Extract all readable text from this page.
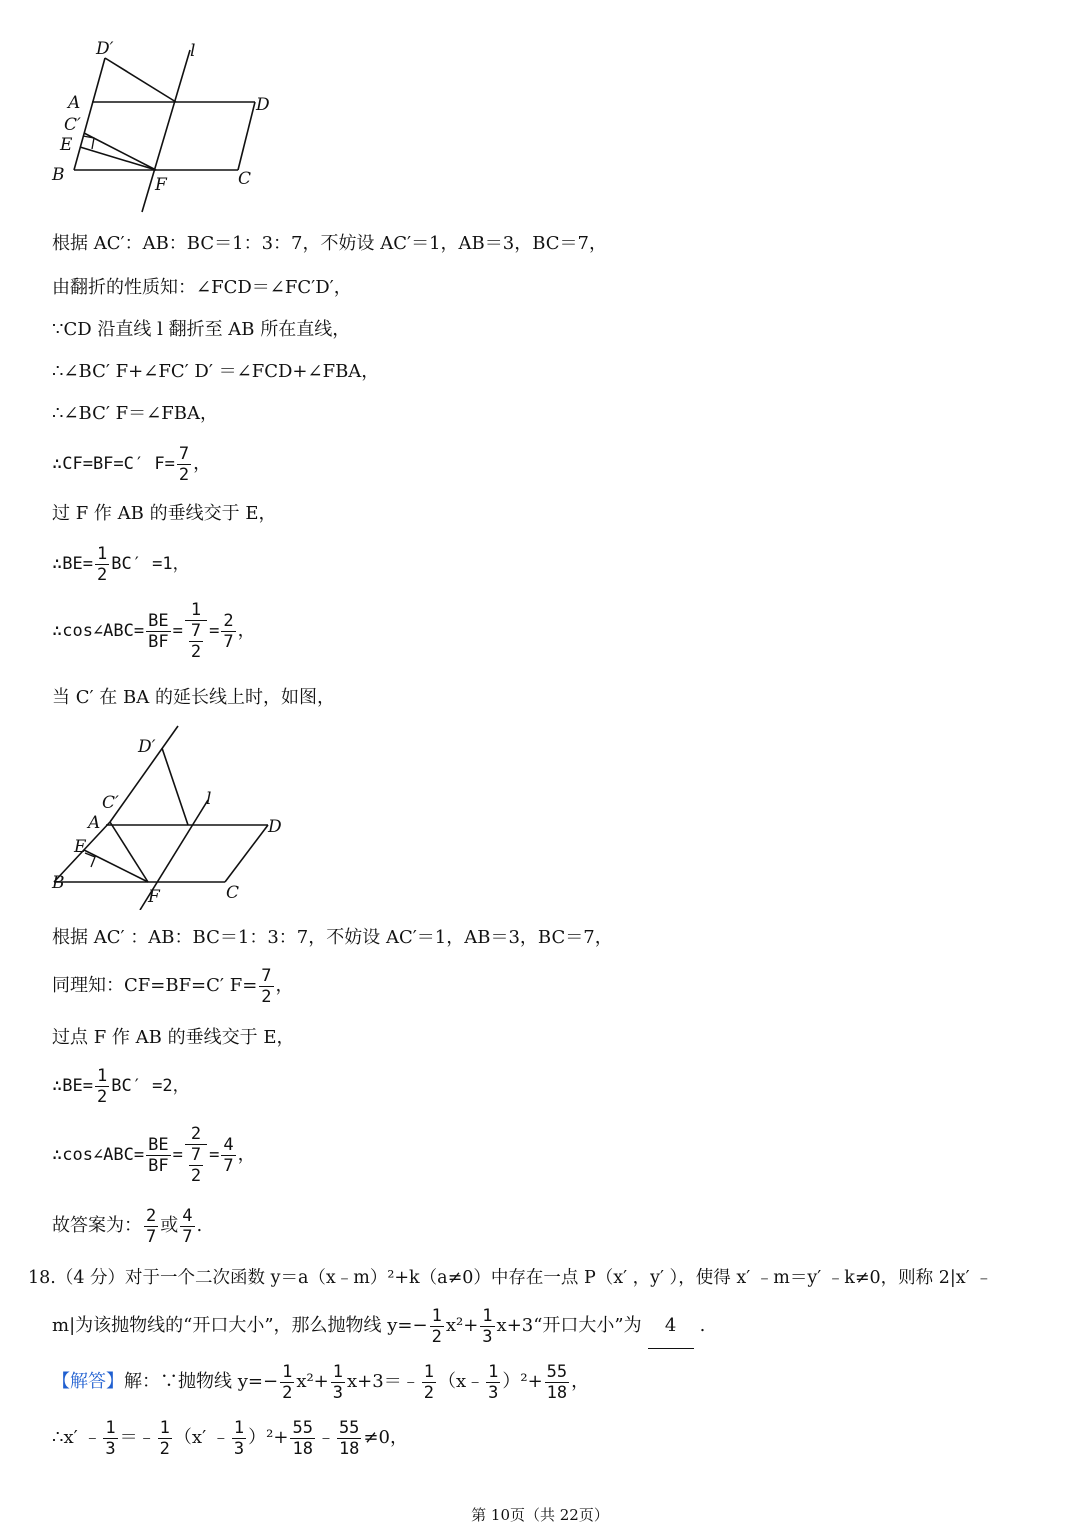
D′	l
A	D
C′
E
B	F	C
根据 AC′：AB：BC＝1：3：7，不妨设 AC′＝1，AB＝3，BC＝7，
由翻折的性质知：∠FCD＝∠FC′D′，
∵CD 沿直线 l 翻折至 AB 所在直线，
∴∠BC′ F+∠FC′ D′ ＝∠FCD+∠FBA，
∴∠BC′ F＝∠FBA，
∴CF=BF=C′ $F= \frac{7}{2}$ ，
过 F 作 AB 的垂线交于 E，
∴BE= $\frac{1}{2} BC' =1$，
∴cos∠ABC= $\frac{BE}{BF} = \frac{1}{\frac{7}{2}} = \frac{2}{7}$ ，
当 C′ 在 BA 的延长线上时，如图，
D′
l
C′
A	D
E
B
F	C
根据 AC′ ：AB：BC＝1：3：7，不妨设 AC′＝1，AB＝3，BC＝7，
同理知：CF=BF=C′ $F= \frac{7}{2}$ ，
过点 F 作 AB 的垂线交于 E，
∴BE= $\frac{1}{2} BC' =2$，
∴cos∠ABC= $\frac{BE}{BF} = \frac{2}{\frac{7}{2}} = \frac{4}{7}$ ，
故答案为： $\frac{2}{7}$ 或 $\frac{4}{7}$ .
18.（4 分）对于一个二次函数 y＝a（x﹣m）²+k（a≠0）中存在一点 P（x′ ，y′ ），使得 x′ ﹣m＝y′ ﹣k≠0，则称 2|x′ ﹣
m|为该抛物线的“开口大小”，那么抛物线 $y=- \frac{1}{2} x^2+ \frac{1}{3}$ x+3“开口大小”为 4 .
【解答】解：∵抛物线 $y=- \frac{1}{2} x^2+ \frac{1}{3}$ x+3＝﹣ $\frac{1}{2}$ （x﹣ $\frac{1}{3} )^2+ \frac{55}{18}$ ，
∴x′ ﹣ $\frac{1}{3}$ ＝﹣ $\frac{1}{2} (x'$ ﹣ $\frac{1}{3} )^2+ \frac{55}{18}$ ﹣ $\frac{55}{18} \ne 0$，
第 10页（共 22页）
